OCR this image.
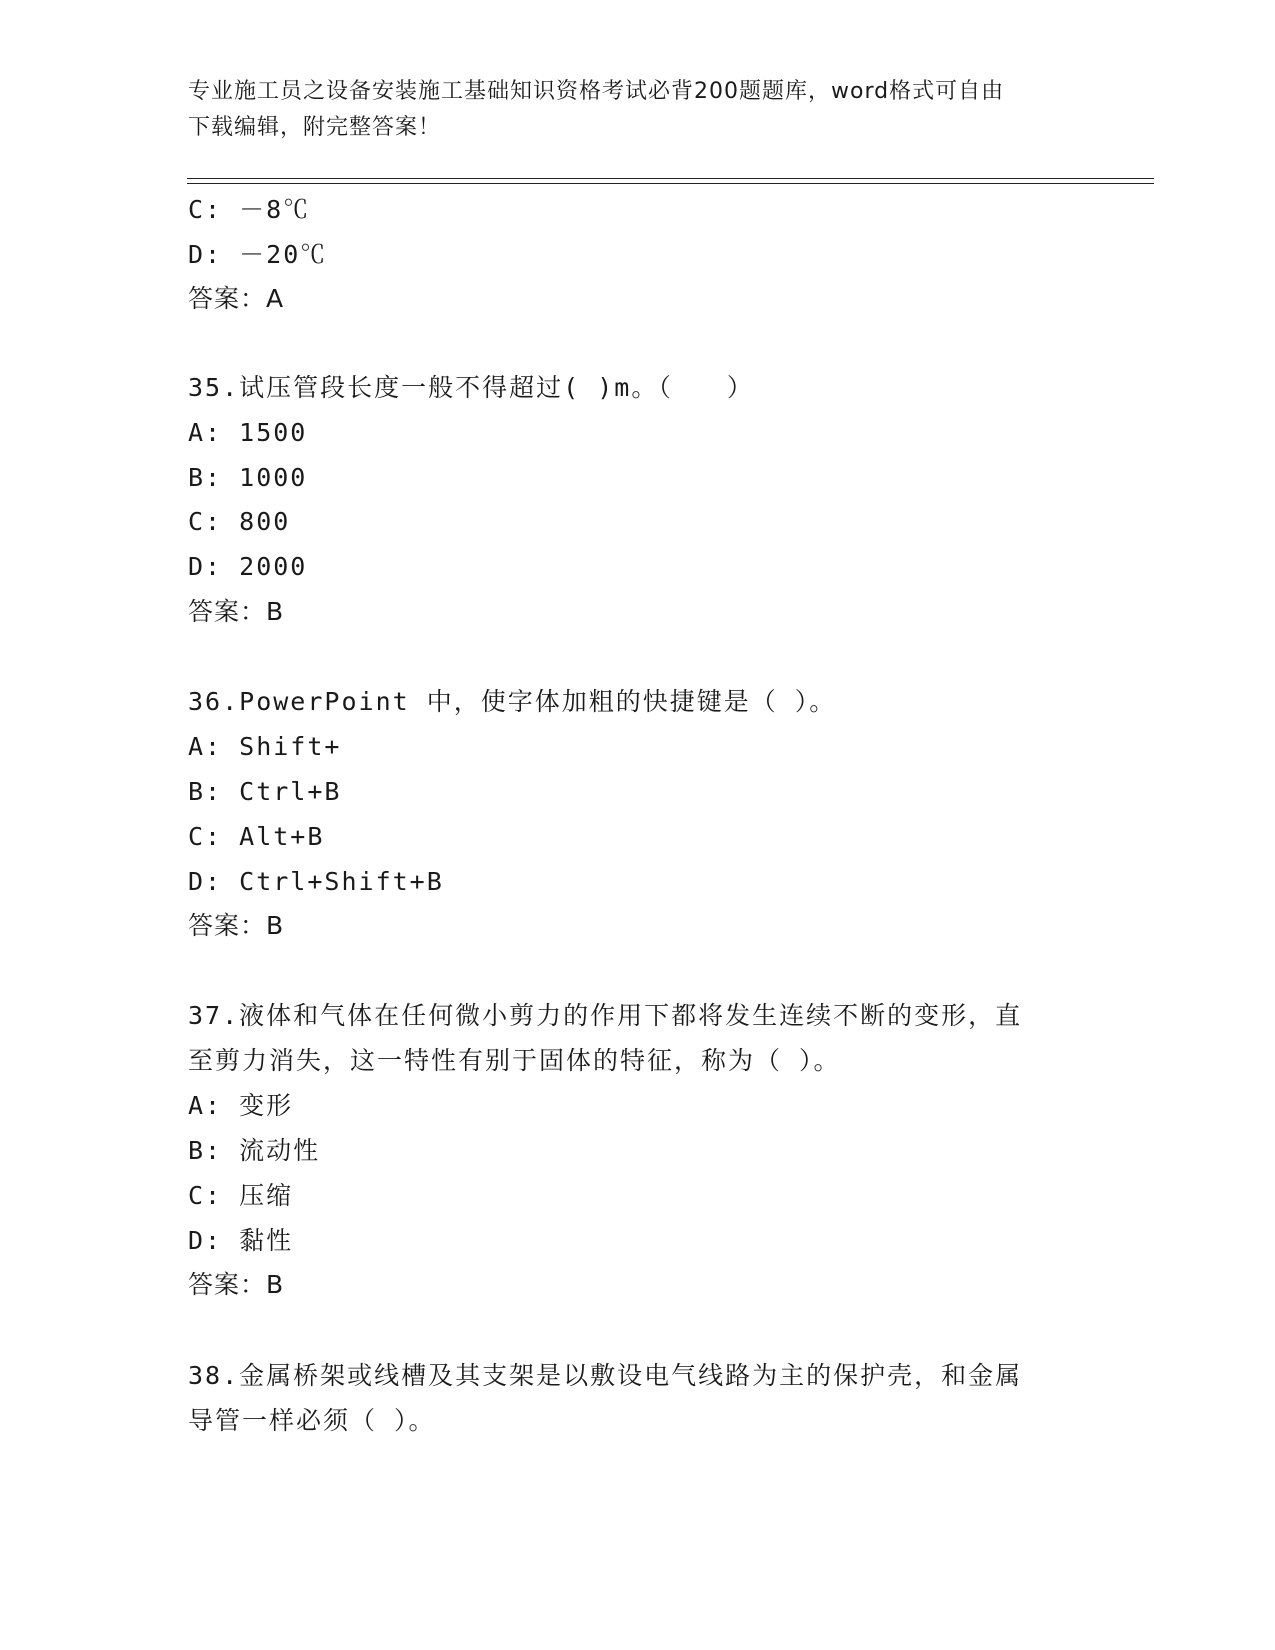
专业施工员之设备安装施工基础知识资格考试必背200题题库，word格式可自由
下载编辑，附完整答案！
C: －8℃
D: －20℃
答案：A
35.试压管段长度一般不得超过( )m。（　　）
A: 1500
B: 1000
C: 800
D: 2000
答案：B
36.PowerPoint 中，使字体加粗的快捷键是（ ）。
A: Shift+
B: Ctrl+B
C: Alt+B
D: Ctrl+Shift+B
答案：B
37.液体和气体在任何微小剪力的作用下都将发生连续不断的变形，直
至剪力消失，这一特性有别于固体的特征，称为（ ）。
A: 变形
B: 流动性
C: 压缩
D: 黏性
答案：B
38.金属桥架或线槽及其支架是以敷设电气线路为主的保护壳，和金属
导管一样必须（ ）。
